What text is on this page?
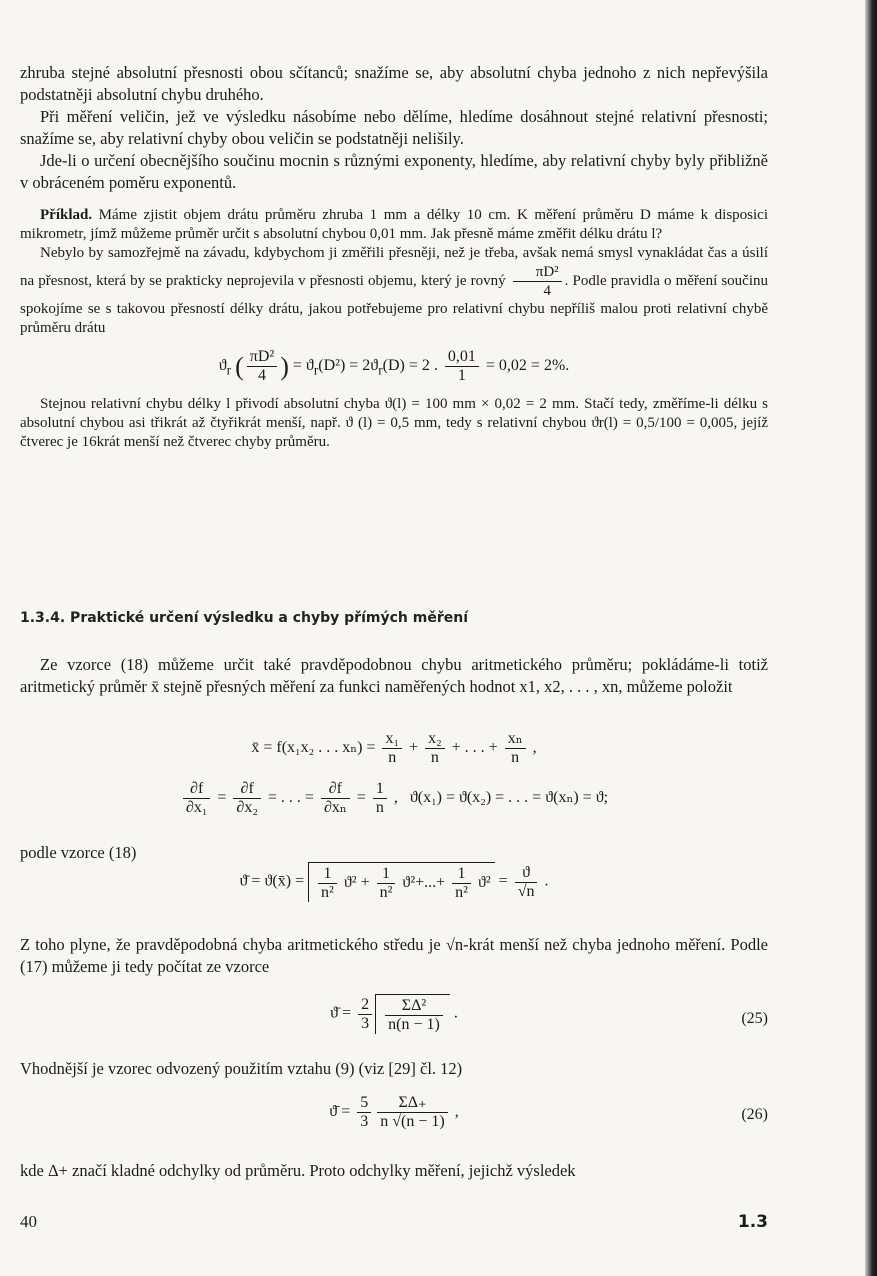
zhruba stejné absolutní přesnosti obou sčítanců; snažíme se, aby absolutní chyba jednoho z nich nepřevýšila podstatněji absolutní chybu druhého.

Při měření veličin, jež ve výsledku násobíme nebo dělíme, hledíme dosáhnout stejné relativní přesnosti; snažíme se, aby relativní chyby obou veličin se podstatněji nelišily.

Jde-li o určení obecnějšího součinu mocnin s různými exponenty, hledíme, aby relativní chyby byly přibližně v obráceném poměru exponentů.

Příklad. Máme zjistit objem drátu průměru zhruba 1 mm a délky 10 cm. K měření průměru D máme k disposici mikrometr, jímž můžeme průměr určit s absolutní chybou 0,01 mm. Jak přesně máme změřit délku drátu l?

Nebylo by samozřejmě na závadu, kdybychom ji změřili přesněji, než je třeba, avšak nemá smysl vynakládat čas a úsilí na přesnost, která by se prakticky neprojevila v přesnosti objemu, který je rovný $\frac{\text{πD²}}{4}$ . Podle pravidla o měření součinu spokojíme se s takovou přesností délky drátu, jakou potřebujeme pro relativní chybu nepříliš malou proti relativní chybě průměru drátu

$ϑ_r$ ( $\frac{\text{πD²}}{4}$ ) = $ϑ_r(D^2) = 2ϑ_r(D) = 2$ . $\frac{0,01}{1} = 0,02 = 2\%$.

Stejnou relativní chybu délky l přivodí absolutní chyba ϑ(l) = 100 mm × 0,02 = 2 mm. Stačí tedy, změříme-li délku s absolutní chybou asi třikrát až čtyřikrát menší, např. ϑ (l) = 0,5 mm, tedy s relativní chybou ϑr(l) = 0,5/100 = 0,005, jejíž čtverec je 16krát menší než čtverec chyby průměru.

1.3.4. Praktické určení výsledku a chyby přímých měření

Ze vzorce (18) můžeme určit také pravděpodobnou chybu aritmetického průměru; pokládáme-li totiž aritmetický průměr x̄ stejně přesných měření za funkci naměřených hodnot x1, x2, . . . , xn, můžeme položit

x̄ = f(x₁x₂ . . . $x_n) = \frac{\text{x₁}}{n} + \frac{\text{x₂}}{n}$ + . . . + $\frac{\text{xₙ}}{n}$ ,
$\frac{\partial f}{\text{∂x₁}} = \frac{\partial f}{\text{∂x₂}}$ = . . . = $\frac{\partial f}{\text{∂xₙ}} = \frac{1}{n}$ ,   ϑ(x₁) = ϑ(x₂) = . . . = ϑ(xₙ) = ϑ;

podle vzorce (18)

ϑ̄ = ϑ(x̄) = $\frac{1}{\text{n²}} ϑ^2 + \frac{1}{\text{n²}} ϑ^2+...+ \frac{1}{\text{n²}} ϑ^2 = \frac{ϑ}{√n}$ .

Z toho plyne, že pravděpodobná chyba aritmetického středu je √n-krát menší než chyba jednoho měření. Podle (17) můžeme ji tedy počítat ze vzorce

ϑ̄ = $\frac{2}{3} \frac{\text{ΣΔ²}}{n(n - 1)}$ .	(25)

Vhodnější je vzorec odvozený použitím vztahu (9) (viz [29] čl. 12)

ϑ̄ = $\frac{5}{3} \frac{\Sigma\Delta_+}{n √(n - 1)}$ ,	(26)

kde Δ+ značí kladné odchylky od průměru. Proto odchylky měření, jejichž výsledek

40	1.3
